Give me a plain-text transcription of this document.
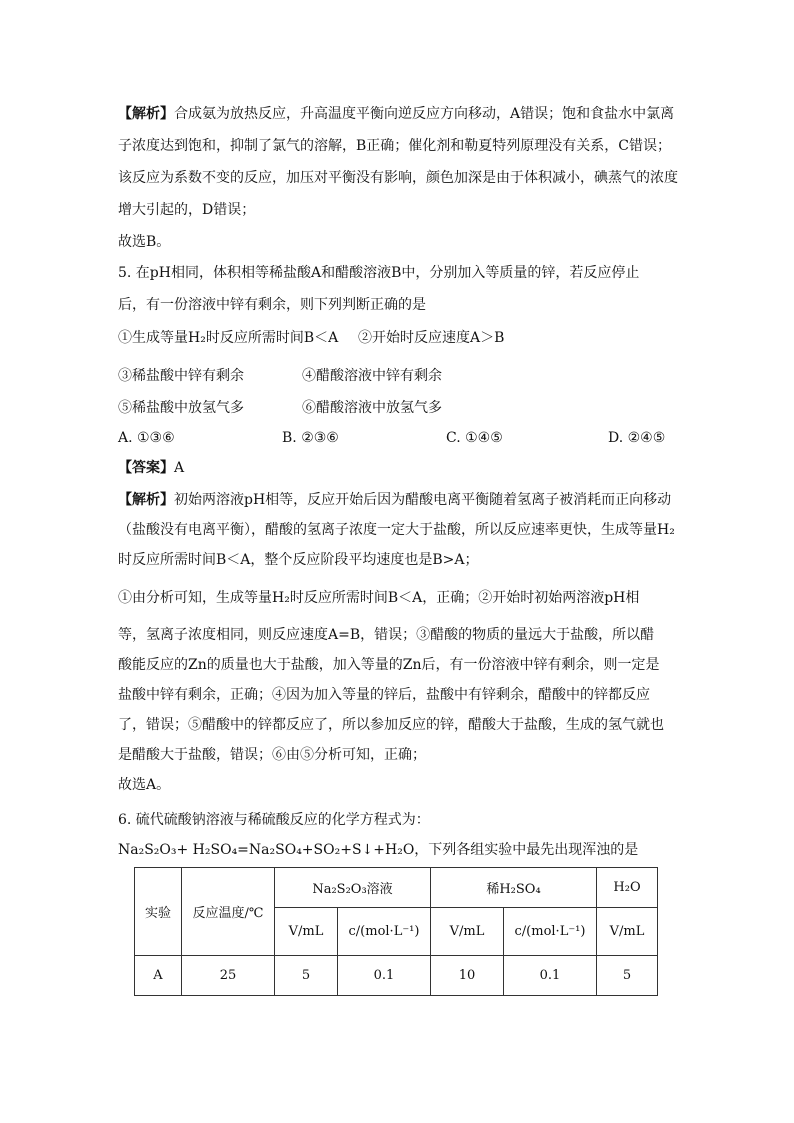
【解析】合成氨为放热反应，升高温度平衡向逆反应方向移动，A错误；饱和食盐水中氯离
子浓度达到饱和，抑制了氯气的溶解，B正确；催化剂和勒夏特列原理没有关系，C错误；
该反应为系数不变的反应，加压对平衡没有影响，颜色加深是由于体积减小，碘蒸气的浓度
增大引起的，D错误；
故选B。
5. 在pH相同，体积相等稀盐酸A和醋酸溶液B中，分别加入等质量的锌，若反应停止
后，有一份溶液中锌有剩余，则下列判断正确的是
①生成等量H₂时反应所需时间B＜A ②开始时反应速度A＞B
③稀盐酸中锌有剩余	④醋酸溶液中锌有剩余
⑤稀盐酸中放氢气多	⑥醋酸溶液中放氢气多
A. ①③⑥	B. ②③⑥	C. ①④⑤	D. ②④⑤
【答案】A
【解析】初始两溶液pH相等，反应开始后因为醋酸电离平衡随着氢离子被消耗而正向移动
（盐酸没有电离平衡），醋酸的氢离子浓度一定大于盐酸，所以反应速率更快，生成等量H₂
时反应所需时间B＜A，整个反应阶段平均速度也是B>A；
①由分析可知，生成等量H₂时反应所需时间B＜A，正确；②开始时初始两溶液pH相
等，氢离子浓度相同，则反应速度A=B，错误；③醋酸的物质的量远大于盐酸，所以醋
酸能反应的Zn的质量也大于盐酸，加入等量的Zn后，有一份溶液中锌有剩余，则一定是
盐酸中锌有剩余，正确；④因为加入等量的锌后，盐酸中有锌剩余，醋酸中的锌都反应
了，错误；⑤醋酸中的锌都反应了，所以参加反应的锌，醋酸大于盐酸，生成的氢气就也
是醋酸大于盐酸，错误；⑥由⑤分析可知，正确；
故选A。
6. 硫代硫酸钠溶液与稀硫酸反应的化学方程式为：
Na₂S₂O₃+ H₂SO₄=Na₂SO₄+SO₂+S↓+H₂O，下列各组实验中最先出现浑浊的是
实验	反应温度/℃	Na₂S₂O₃溶液		稀H₂SO₄		H₂O
		V/mL	c/(mol·L⁻¹)	V/mL	c/(mol·L⁻¹)	V/mL
A	25	5	0.1	10	0.1	5
